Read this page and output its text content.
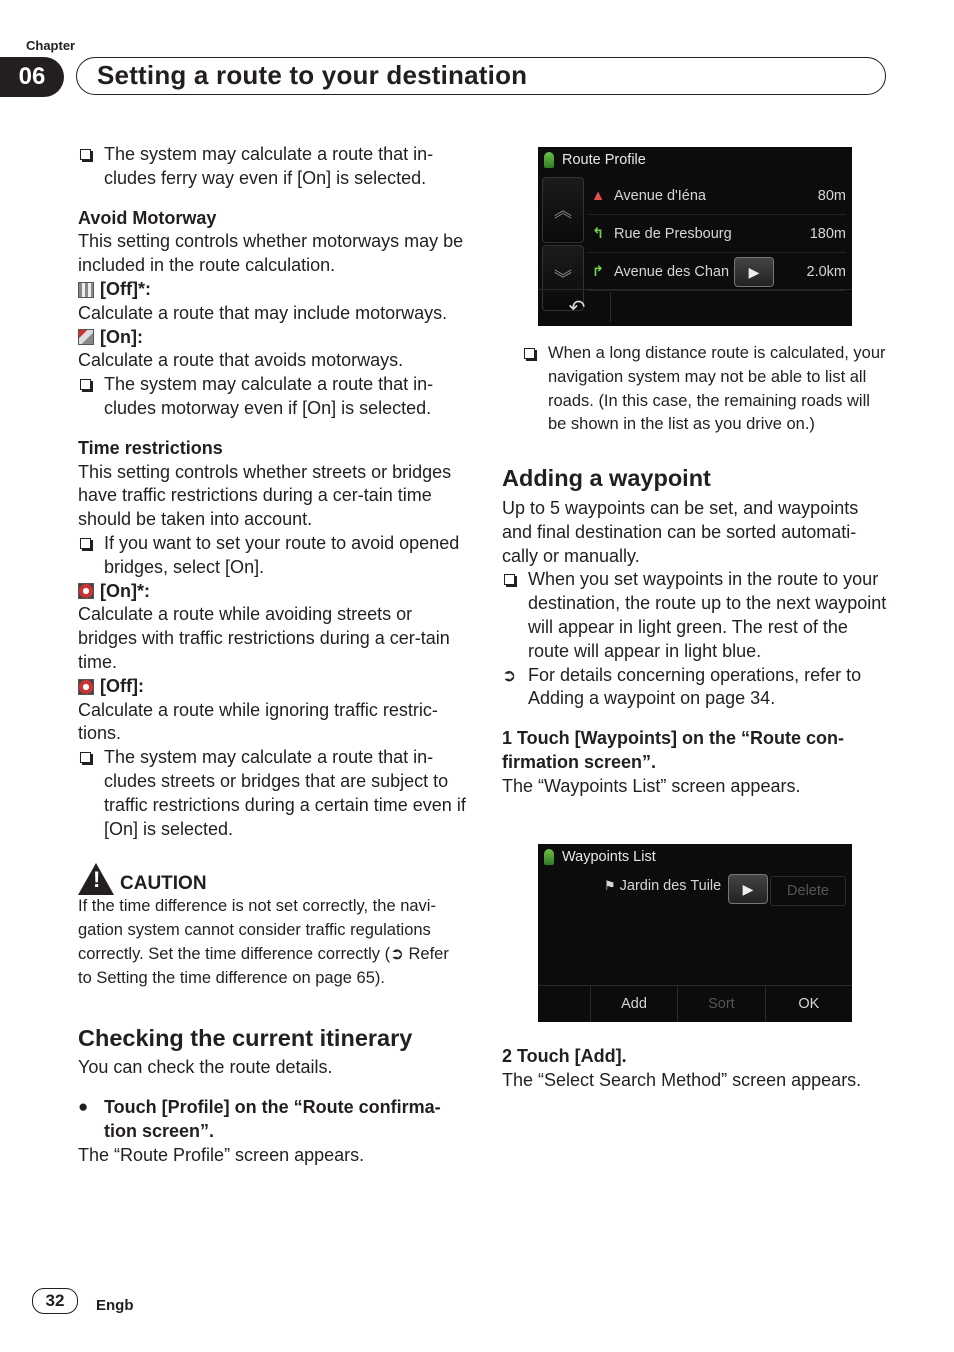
Chapter
06	Setting a route to your destination

The system may calculate a route that in-cludes ferry way even if [On] is selected.

Avoid Motorway

This setting controls whether motorways may be included in the route calculation.

[Off]*:

Calculate a route that may include motorways.

[On]:

Calculate a route that avoids motorways.

The system may calculate a route that in-cludes motorway even if [On] is selected.

Time restrictions

This setting controls whether streets or bridges have traffic restrictions during a cer-tain time should be taken into account.

If you want to set your route to avoid opened bridges, select [On].

[On]*:

Calculate a route while avoiding streets or bridges with traffic restrictions during a cer-tain time.

[Off]:

Calculate a route while ignoring traffic restric-tions.

The system may calculate a route that in-cludes streets or bridges that are subject to traffic restrictions during a certain time even if [On] is selected.

! CAUTION

If the time difference is not set correctly, the navi-gation system cannot consider traffic regulations correctly. Set the time difference correctly (➲ Refer to Setting the time difference on page 65).

Checking the current itinerary

You can check the route details.

● Touch [Profile] on the “Route confirma-tion screen”.

The “Route Profile” screen appears.

Route Profile
︽
︾
▲ Avenue d'Iéna	80m
↰ Rue de Presbourg	180m
↱ Avenue des Chan	▶	2.0km
↶

When a long distance route is calculated, your navigation system may not be able to list all roads. (In this case, the remaining roads will be shown in the list as you drive on.)

Adding a waypoint

Up to 5 waypoints can be set, and waypoints and final destination can be sorted automati-cally or manually.

When you set waypoints in the route to your destination, the route up to the next waypoint will appear in light green. The rest of the route will appear in light blue.

➲ For details concerning operations, refer to Adding a waypoint on page 34.

1 Touch [Waypoints] on the “Route con-firmation screen”.

The “Waypoints List” screen appears.

Waypoints List
⚑ Jardin des Tuile	▶	Delete
Add	Sort	OK

2 Touch [Add].

The “Select Search Method” screen appears.

32	Engb
